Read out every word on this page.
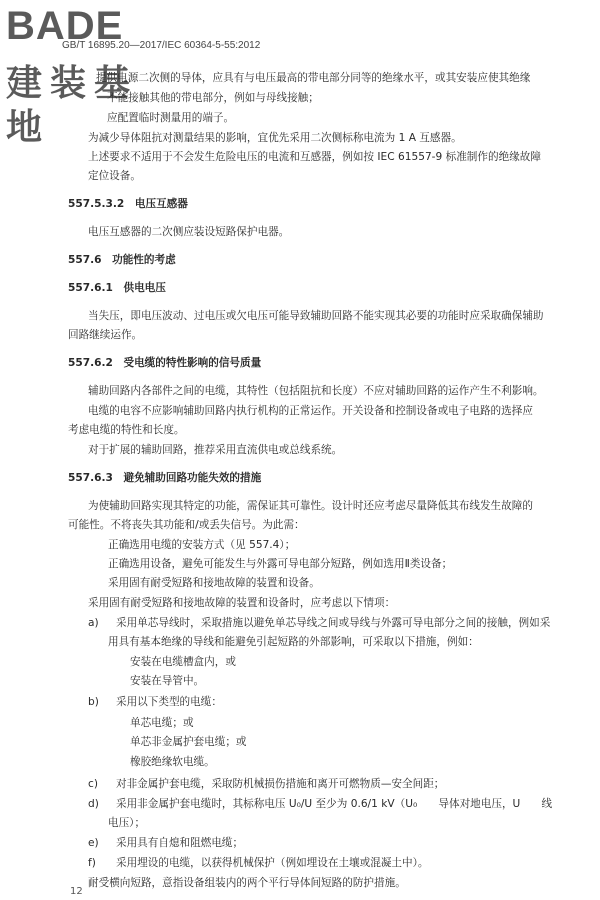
BADE
建装基地
GB/T 16895.20—2017/IEC 60364-5-55:2012
提供电源二次侧的导体，应具有与电压最高的带电部分同等的绝缘水平，或其安装应使其绝缘
不能接触其他的带电部分，例如与母线接触；
应配置临时测量用的端子。
为减少导体阻抗对测量结果的影响，宜优先采用二次侧标称电流为 1 A 互感器。
上述要求不适用于不会发生危险电压的电流和互感器，例如按 IEC 61557-9 标准制作的绝缘故障
定位设备。
557.5.3.2　电压互感器
电压互感器的二次侧应装设短路保护电器。
557.6　功能性的考虑
557.6.1　供电电压
当失压，即电压波动、过电压或欠电压可能导致辅助回路不能实现其必要的功能时应采取确保辅助
回路继续运作。
557.6.2　受电缆的特性影响的信号质量
辅助回路内各部件之间的电缆，其特性（包括阻抗和长度）不应对辅助回路的运作产生不利影响。
电缆的电容不应影响辅助回路内执行机构的正常运作。开关设备和控制设备或电子电路的选择应
考虑电缆的特性和长度。
对于扩展的辅助回路，推荐采用直流供电或总线系统。
557.6.3　避免辅助回路功能失效的措施
为使辅助回路实现其特定的功能，需保证其可靠性。设计时还应考虑尽量降低其布线发生故障的
可能性。不将丧失其功能和/或丢失信号。为此需：
正确选用电缆的安装方式（见 557.4）；
正确选用设备，避免可能发生与外露可导电部分短路，例如选用Ⅱ类设备；
采用固有耐受短路和接地故障的装置和设备。
采用固有耐受短路和接地故障的装置和设备时，应考虑以下情项：
a) 采用单芯导线时，采取措施以避免单芯导线之间或导线与外露可导电部分之间的接触，例如采
用具有基本绝缘的导线和能避免引起短路的外部影响，可采取以下措施，例如：
安装在电缆槽盒内，或
安装在导管中。
b) 采用以下类型的电缆：
单芯电缆；或
单芯非金属护套电缆；或
橡胶绝缘软电缆。
c) 对非金属护套电缆，采取防机械损伤措施和离开可燃物质—安全间距；
d) 采用非金属护套电缆时，其标称电压 U₀/U 至少为 0.6/1 kV（U₀　　导体对地电压，U　　线
电压）；
e) 采用具有自熄和阻燃电缆；
f) 采用埋设的电缆，以获得机械保护（例如埋设在土壤或混凝土中）。
耐受横向短路，意指设备组装内的两个平行导体间短路的防护措施。
12
